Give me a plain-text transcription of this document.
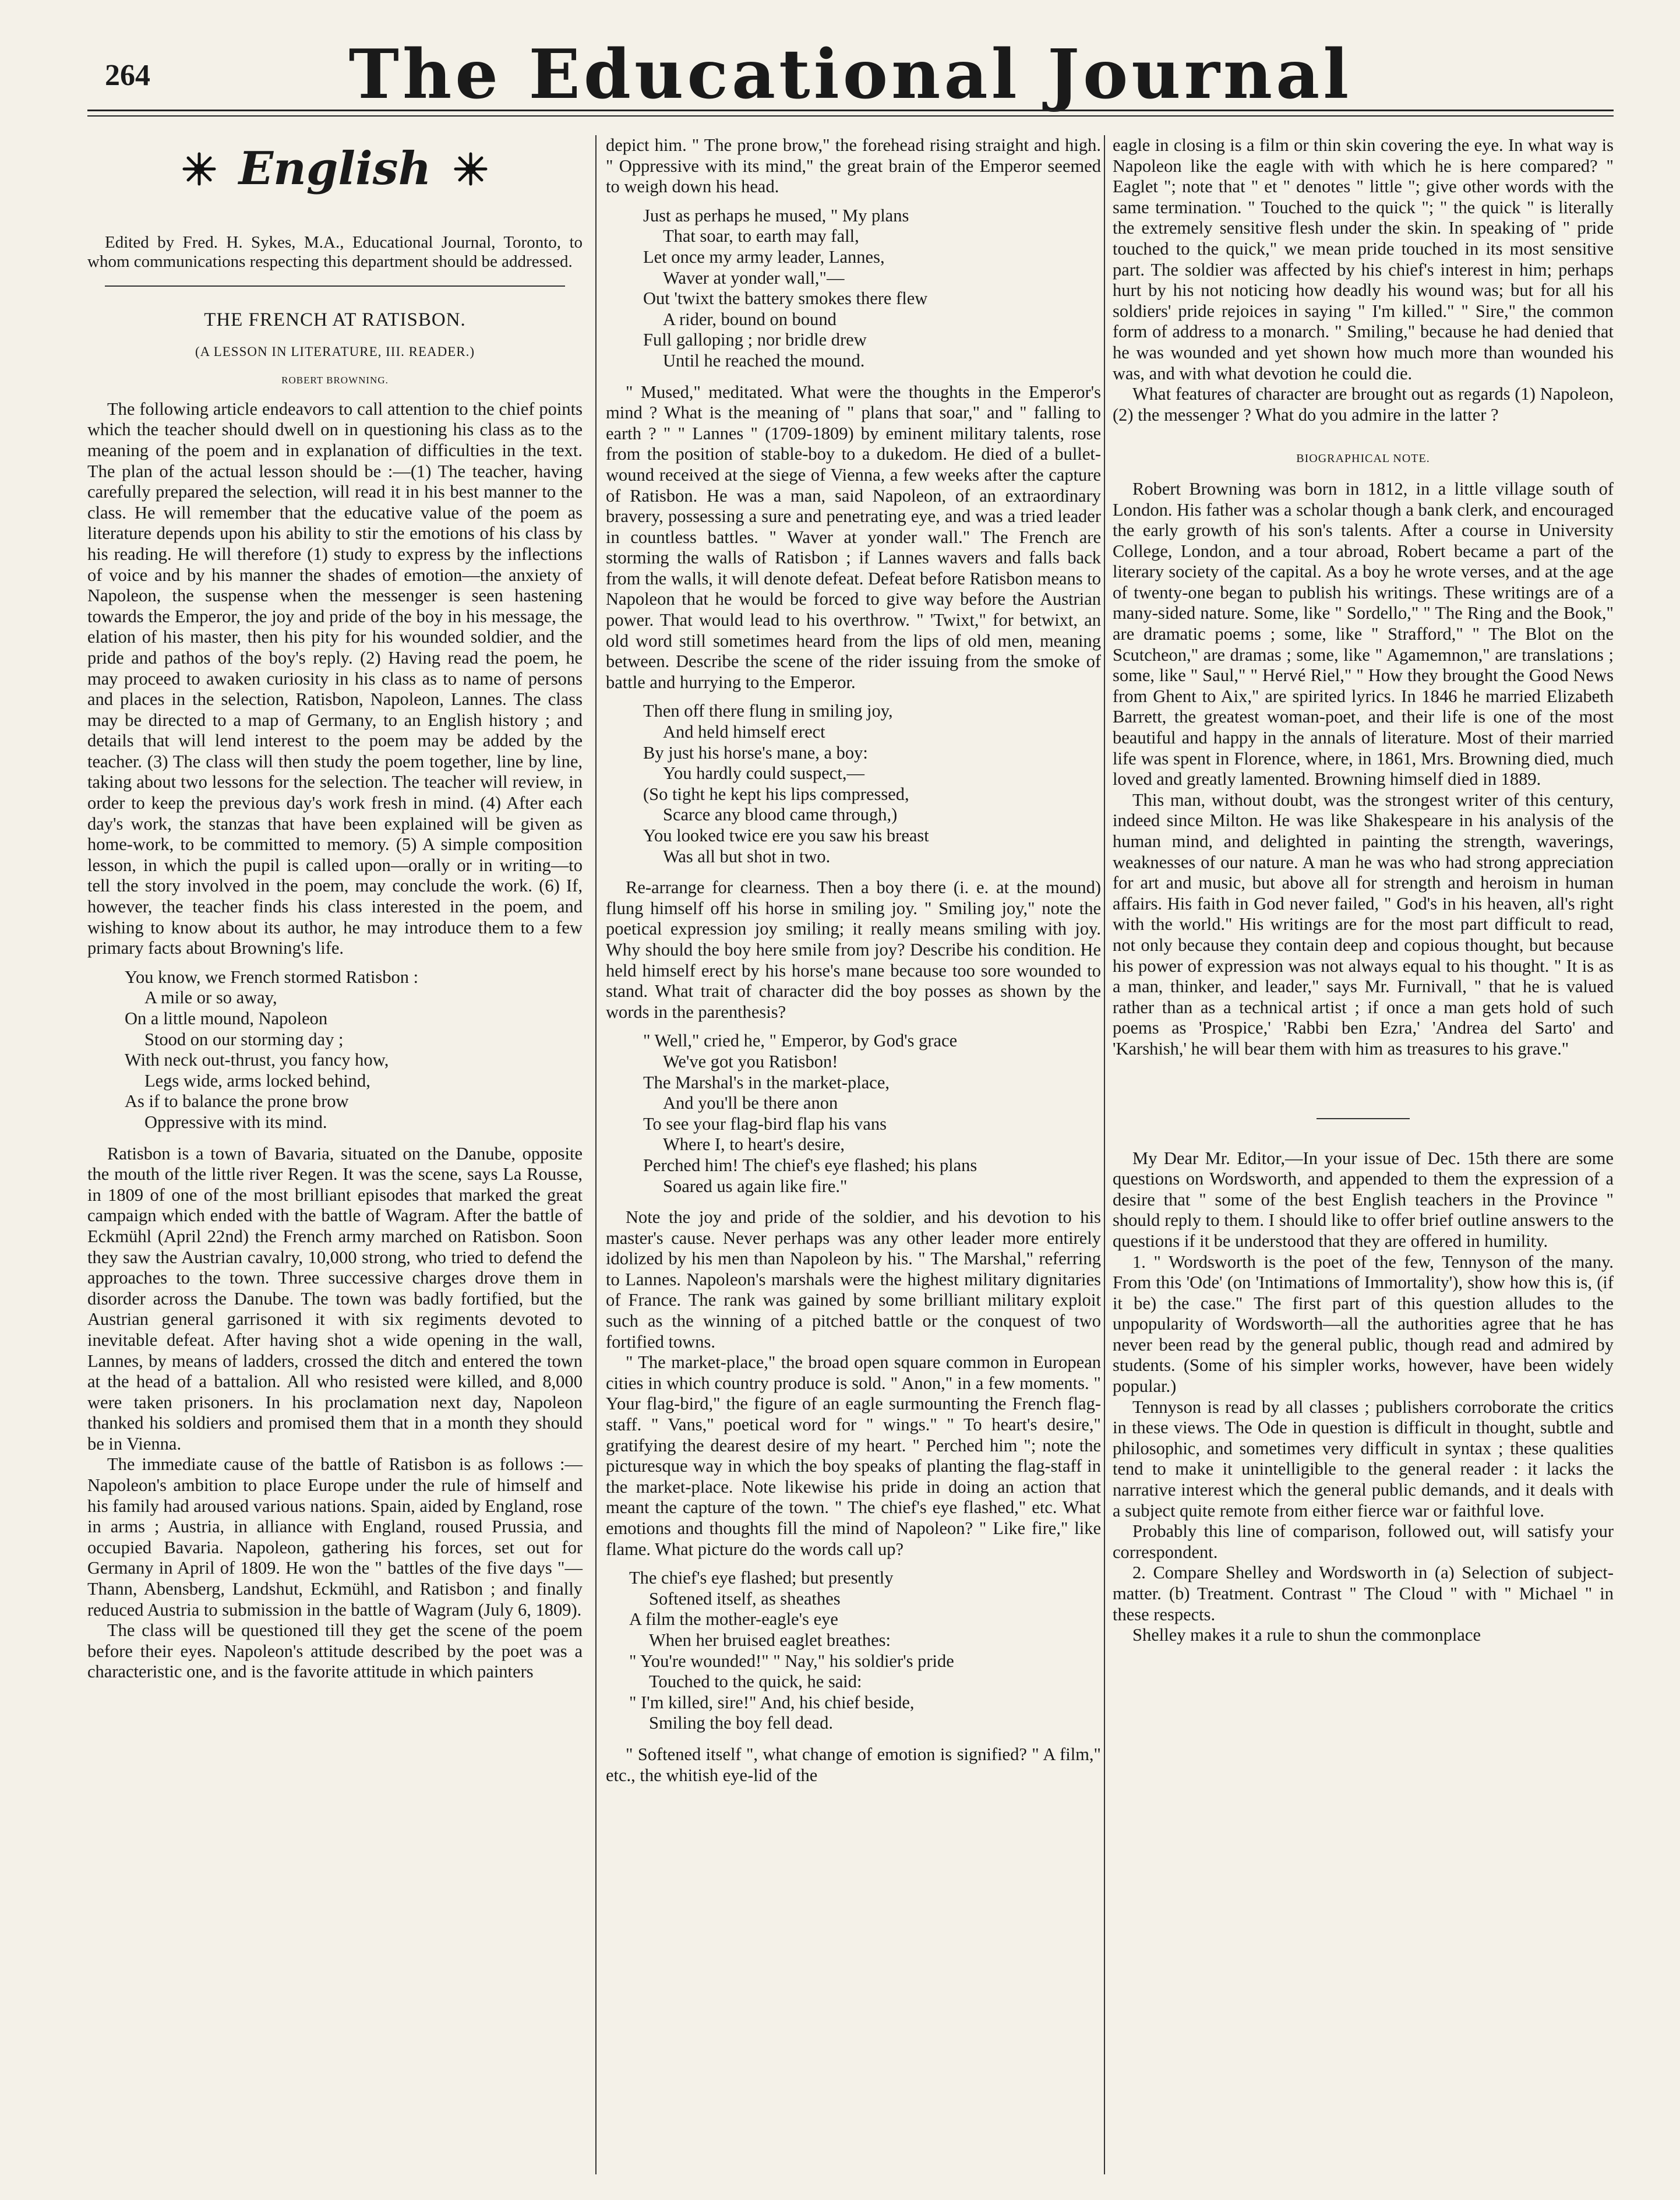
264	The Educational Journal
English

Edited by Fred. H. Sykes, M.A., Educational Journal, Toronto, to whom communications respecting this department should be addressed.

THE FRENCH AT RATISBON.
(A LESSON IN LITERATURE, III. READER.)
ROBERT BROWNING.

The following article endeavors to call attention to the chief points which the teacher should dwell on in questioning his class as to the meaning of the poem and in explanation of difficulties in the text. The plan of the actual lesson should be :—(1) The teacher, having carefully prepared the selection, will read it in his best manner to the class. He will remember that the educative value of the poem as literature depends upon his ability to stir the emotions of his class by his reading. He will therefore (1) study to express by the inflections of voice and by his manner the shades of emotion—the anxiety of Napoleon, the suspense when the messenger is seen hastening towards the Emperor, the joy and pride of the boy in his message, the elation of his master, then his pity for his wounded soldier, and the pride and pathos of the boy's reply. (2) Having read the poem, he may proceed to awaken curiosity in his class as to name of persons and places in the selection, Ratisbon, Napoleon, Lannes. The class may be directed to a map of Germany, to an English history ; and details that will lend interest to the poem may be added by the teacher. (3) The class will then study the poem together, line by line, taking about two lessons for the selection. The teacher will review, in order to keep the previous day's work fresh in mind. (4) After each day's work, the stanzas that have been explained will be given as home-work, to be committed to memory. (5) A simple composition lesson, in which the pupil is called upon—orally or in writing—to tell the story involved in the poem, may conclude the work. (6) If, however, the teacher finds his class interested in the poem, and wishing to know about its author, he may introduce them to a few primary facts about Browning's life.

You know, we French stormed Ratisbon :
A mile or so away,
On a little mound, Napoleon
Stood on our storming day ;
With neck out-thrust, you fancy how,
Legs wide, arms locked behind,
As if to balance the prone brow
Oppressive with its mind.

Ratisbon is a town of Bavaria, situated on the Danube, opposite the mouth of the little river Regen. It was the scene, says La Rousse, in 1809 of one of the most brilliant episodes that marked the great campaign which ended with the battle of Wagram. After the battle of Eckmühl (April 22nd) the French army marched on Ratisbon. Soon they saw the Austrian cavalry, 10,000 strong, who tried to defend the approaches to the town. Three successive charges drove them in disorder across the Danube. The town was badly fortified, but the Austrian general garrisoned it with six regiments devoted to inevitable defeat. After having shot a wide opening in the wall, Lannes, by means of ladders, crossed the ditch and entered the town at the head of a battalion. All who resisted were killed, and 8,000 were taken prisoners. In his proclamation next day, Napoleon thanked his soldiers and promised them that in a month they should be in Vienna.

The immediate cause of the battle of Ratisbon is as follows :—Napoleon's ambition to place Europe under the rule of himself and his family had aroused various nations. Spain, aided by England, rose in arms ; Austria, in alliance with England, roused Prussia, and occupied Bavaria. Napoleon, gathering his forces, set out for Germany in April of 1809. He won the " battles of the five days "—Thann, Abensberg, Landshut, Eckmühl, and Ratisbon ; and finally reduced Austria to submission in the battle of Wagram (July 6, 1809).

The class will be questioned till they get the scene of the poem before their eyes. Napoleon's attitude described by the poet was a characteristic one, and is the favorite attitude in which painters

depict him. " The prone brow," the forehead rising straight and high. " Oppressive with its mind," the great brain of the Emperor seemed to weigh down his head.

Just as perhaps he mused, " My plans
That soar, to earth may fall,
Let once my army leader, Lannes,
Waver at yonder wall,"—
Out 'twixt the battery smokes there flew
A rider, bound on bound
Full galloping ; nor bridle drew
Until he reached the mound.

" Mused," meditated. What were the thoughts in the Emperor's mind ? What is the meaning of " plans that soar," and " falling to earth ? " " Lannes " (1709-1809) by eminent military talents, rose from the position of stable-boy to a dukedom. He died of a bullet-wound received at the siege of Vienna, a few weeks after the capture of Ratisbon. He was a man, said Napoleon, of an extraordinary bravery, possessing a sure and penetrating eye, and was a tried leader in countless battles. " Waver at yonder wall." The French are storming the walls of Ratisbon ; if Lannes wavers and falls back from the walls, it will denote defeat. Defeat before Ratisbon means to Napoleon that he would be forced to give way before the Austrian power. That would lead to his overthrow. " 'Twixt," for betwixt, an old word still sometimes heard from the lips of old men, meaning between. Describe the scene of the rider issuing from the smoke of battle and hurrying to the Emperor.

Then off there flung in smiling joy,
And held himself erect
By just his horse's mane, a boy:
You hardly could suspect,—
(So tight he kept his lips compressed,
Scarce any blood came through,)
You looked twice ere you saw his breast
Was all but shot in two.

Re-arrange for clearness. Then a boy there (i. e. at the mound) flung himself off his horse in smiling joy. " Smiling joy," note the poetical expression joy smiling; it really means smiling with joy. Why should the boy here smile from joy? Describe his condition. He held himself erect by his horse's mane because too sore wounded to stand. What trait of character did the boy posses as shown by the words in the parenthesis?

" Well," cried he, " Emperor, by God's grace
We've got you Ratisbon!
The Marshal's in the market-place,
And you'll be there anon
To see your flag-bird flap his vans
Where I, to heart's desire,
Perched him! The chief's eye flashed; his plans
Soared us again like fire."

Note the joy and pride of the soldier, and his devotion to his master's cause. Never perhaps was any other leader more entirely idolized by his men than Napoleon by his. " The Marshal," referring to Lannes. Napoleon's marshals were the highest military dignitaries of France. The rank was gained by some brilliant military exploit such as the winning of a pitched battle or the conquest of two fortified towns.

" The market-place," the broad open square common in European cities in which country produce is sold. " Anon," in a few moments. " Your flag-bird," the figure of an eagle surmounting the French flag-staff. " Vans," poetical word for " wings." " To heart's desire," gratifying the dearest desire of my heart. " Perched him "; note the picturesque way in which the boy speaks of planting the flag-staff in the market-place. Note likewise his pride in doing an action that meant the capture of the town. " The chief's eye flashed," etc. What emotions and thoughts fill the mind of Napoleon? " Like fire," like flame. What picture do the words call up?

The chief's eye flashed; but presently
Softened itself, as sheathes
A film the mother-eagle's eye
When her bruised eaglet breathes:
" You're wounded!" " Nay," his soldier's pride
Touched to the quick, he said:
" I'm killed, sire!" And, his chief beside,
Smiling the boy fell dead.

" Softened itself ", what change of emotion is signified? " A film," etc., the whitish eye-lid of the

eagle in closing is a film or thin skin covering the eye. In what way is Napoleon like the eagle with with which he is here compared? " Eaglet "; note that " et " denotes " little "; give other words with the same termination. " Touched to the quick "; " the quick " is literally the extremely sensitive flesh under the skin. In speaking of " pride touched to the quick," we mean pride touched in its most sensitive part. The soldier was affected by his chief's interest in him; perhaps hurt by his not noticing how deadly his wound was; but for all his soldiers' pride rejoices in saying " I'm killed." " Sire," the common form of address to a monarch. " Smiling," because he had denied that he was wounded and yet shown how much more than wounded his was, and with what devotion he could die.

What features of character are brought out as regards (1) Napoleon, (2) the messenger ? What do you admire in the latter ?

BIOGRAPHICAL NOTE.

Robert Browning was born in 1812, in a little village south of London. His father was a scholar though a bank clerk, and encouraged the early growth of his son's talents. After a course in University College, London, and a tour abroad, Robert became a part of the literary society of the capital. As a boy he wrote verses, and at the age of twenty-one began to publish his writings. These writings are of a many-sided nature. Some, like " Sordello," " The Ring and the Book," are dramatic poems ; some, like " Strafford," " The Blot on the Scutcheon," are dramas ; some, like " Agamemnon," are translations ; some, like " Saul," " Hervé Riel," " How they brought the Good News from Ghent to Aix," are spirited lyrics. In 1846 he married Elizabeth Barrett, the greatest woman-poet, and their life is one of the most beautiful and happy in the annals of literature. Most of their married life was spent in Florence, where, in 1861, Mrs. Browning died, much loved and greatly lamented. Browning himself died in 1889.

This man, without doubt, was the strongest writer of this century, indeed since Milton. He was like Shakespeare in his analysis of the human mind, and delighted in painting the strength, waverings, weaknesses of our nature. A man he was who had strong appreciation for art and music, but above all for strength and heroism in human affairs. His faith in God never failed, " God's in his heaven, all's right with the world." His writings are for the most part difficult to read, not only because they contain deep and copious thought, but because his power of expression was not always equal to his thought. " It is as a man, thinker, and leader," says Mr. Furnivall, " that he is valued rather than as a technical artist ; if once a man gets hold of such poems as 'Prospice,' 'Rabbi ben Ezra,' 'Andrea del Sarto' and 'Karshish,' he will bear them with him as treasures to his grave."

My Dear Mr. Editor,—In your issue of Dec. 15th there are some questions on Wordsworth, and appended to them the expression of a desire that " some of the best English teachers in the Province " should reply to them. I should like to offer brief outline answers to the questions if it be understood that they are offered in humility.

1. " Wordsworth is the poet of the few, Tennyson of the many. From this 'Ode' (on 'Intimations of Immortality'), show how this is, (if it be) the case." The first part of this question alludes to the unpopularity of Wordsworth—all the authorities agree that he has never been read by the general public, though read and admired by students. (Some of his simpler works, however, have been widely popular.)

Tennyson is read by all classes ; publishers corroborate the critics in these views. The Ode in question is difficult in thought, subtle and philosophic, and sometimes very difficult in syntax ; these qualities tend to make it unintelligible to the general reader : it lacks the narrative interest which the general public demands, and it deals with a subject quite remote from either fierce war or faithful love.

Probably this line of comparison, followed out, will satisfy your correspondent.

2. Compare Shelley and Wordsworth in (a) Selection of subject-matter. (b) Treatment. Contrast " The Cloud " with " Michael " in these respects.

Shelley makes it a rule to shun the commonplace
